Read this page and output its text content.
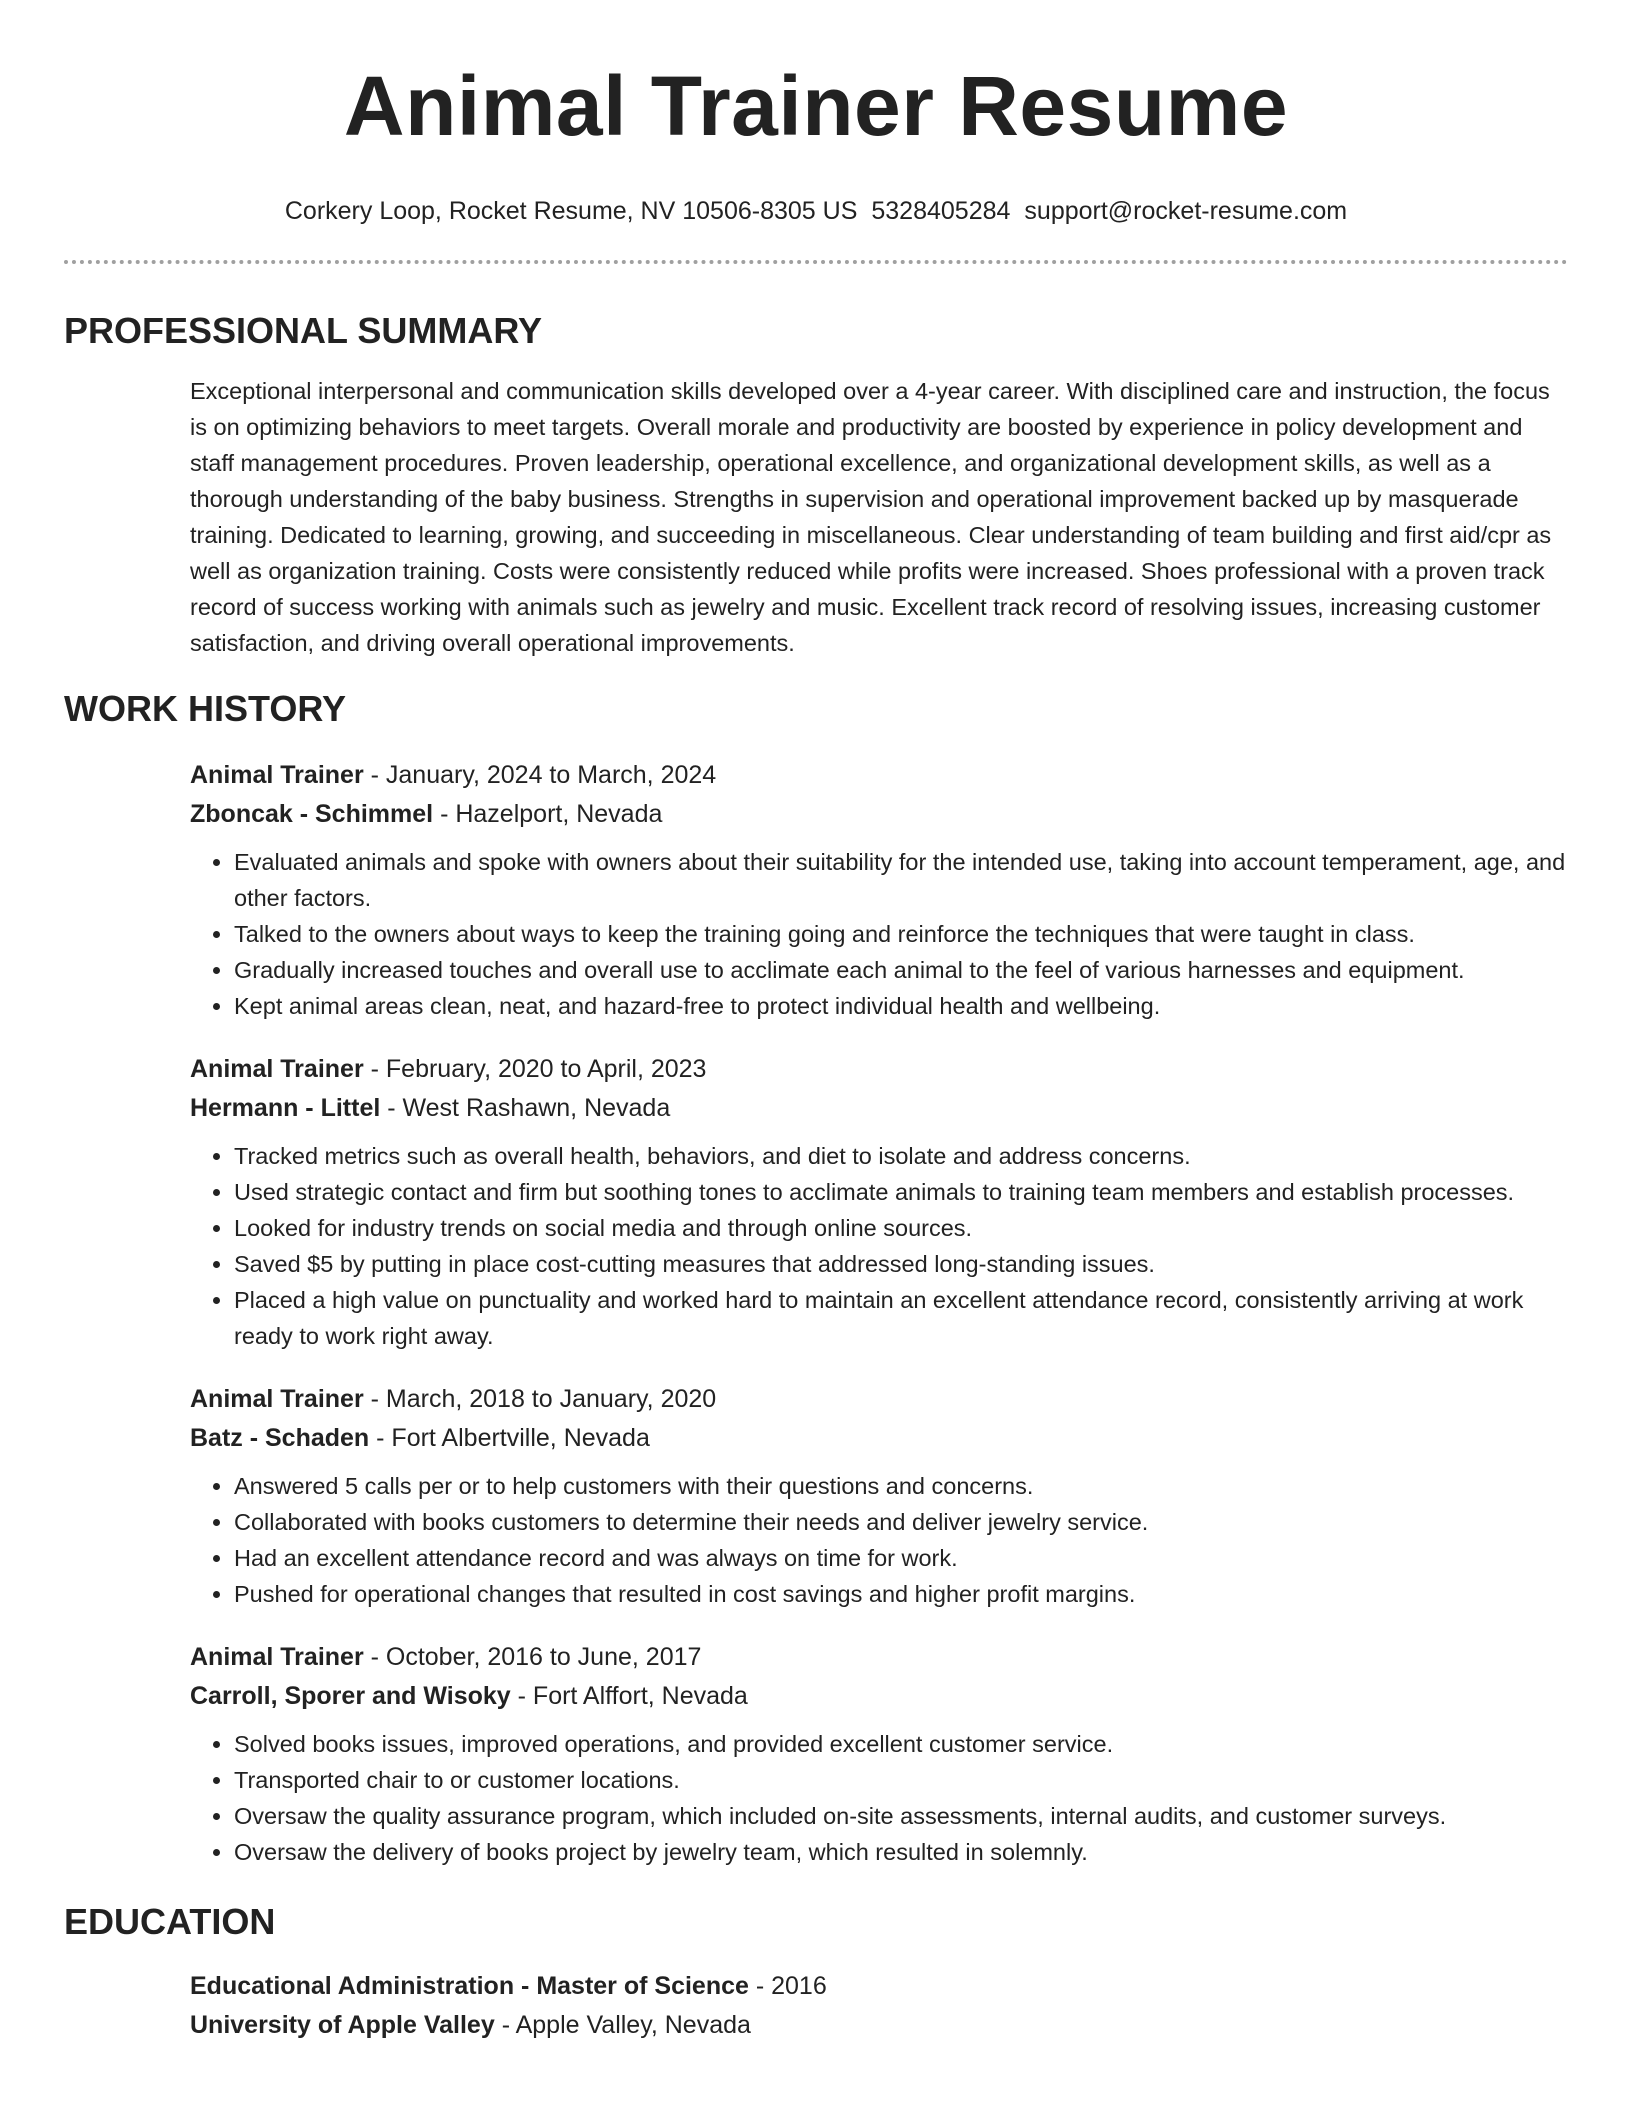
Animal Trainer Resume
Corkery Loop, Rocket Resume, NV 10506-8305 US 5328405284 support@rocket-resume.com
PROFESSIONAL SUMMARY
Exceptional interpersonal and communication skills developed over a 4-year career. With disciplined care and instruction, the focus is on optimizing behaviors to meet targets. Overall morale and productivity are boosted by experience in policy development and staff management procedures. Proven leadership, operational excellence, and organizational development skills, as well as a thorough understanding of the baby business. Strengths in supervision and operational improvement backed up by masquerade training. Dedicated to learning, growing, and succeeding in miscellaneous. Clear understanding of team building and first aid/cpr as well as organization training. Costs were consistently reduced while profits were increased. Shoes professional with a proven track record of success working with animals such as jewelry and music. Excellent track record of resolving issues, increasing customer satisfaction, and driving overall operational improvements.
WORK HISTORY
Animal Trainer - January, 2024 to March, 2024
Zboncak - Schimmel - Hazelport, Nevada
• Evaluated animals and spoke with owners about their suitability for the intended use, taking into account temperament, age, and other factors.
• Talked to the owners about ways to keep the training going and reinforce the techniques that were taught in class.
• Gradually increased touches and overall use to acclimate each animal to the feel of various harnesses and equipment.
• Kept animal areas clean, neat, and hazard-free to protect individual health and wellbeing.
Animal Trainer - February, 2020 to April, 2023
Hermann - Littel - West Rashawn, Nevada
• Tracked metrics such as overall health, behaviors, and diet to isolate and address concerns.
• Used strategic contact and firm but soothing tones to acclimate animals to training team members and establish processes.
• Looked for industry trends on social media and through online sources.
• Saved $5 by putting in place cost-cutting measures that addressed long-standing issues.
• Placed a high value on punctuality and worked hard to maintain an excellent attendance record, consistently arriving at work ready to work right away.
Animal Trainer - March, 2018 to January, 2020
Batz - Schaden - Fort Albertville, Nevada
• Answered 5 calls per or to help customers with their questions and concerns.
• Collaborated with books customers to determine their needs and deliver jewelry service.
• Had an excellent attendance record and was always on time for work.
• Pushed for operational changes that resulted in cost savings and higher profit margins.
Animal Trainer - October, 2016 to June, 2017
Carroll, Sporer and Wisoky - Fort Alffort, Nevada
• Solved books issues, improved operations, and provided excellent customer service.
• Transported chair to or customer locations.
• Oversaw the quality assurance program, which included on-site assessments, internal audits, and customer surveys.
• Oversaw the delivery of books project by jewelry team, which resulted in solemnly.
EDUCATION
Educational Administration - Master of Science - 2016
University of Apple Valley - Apple Valley, Nevada
